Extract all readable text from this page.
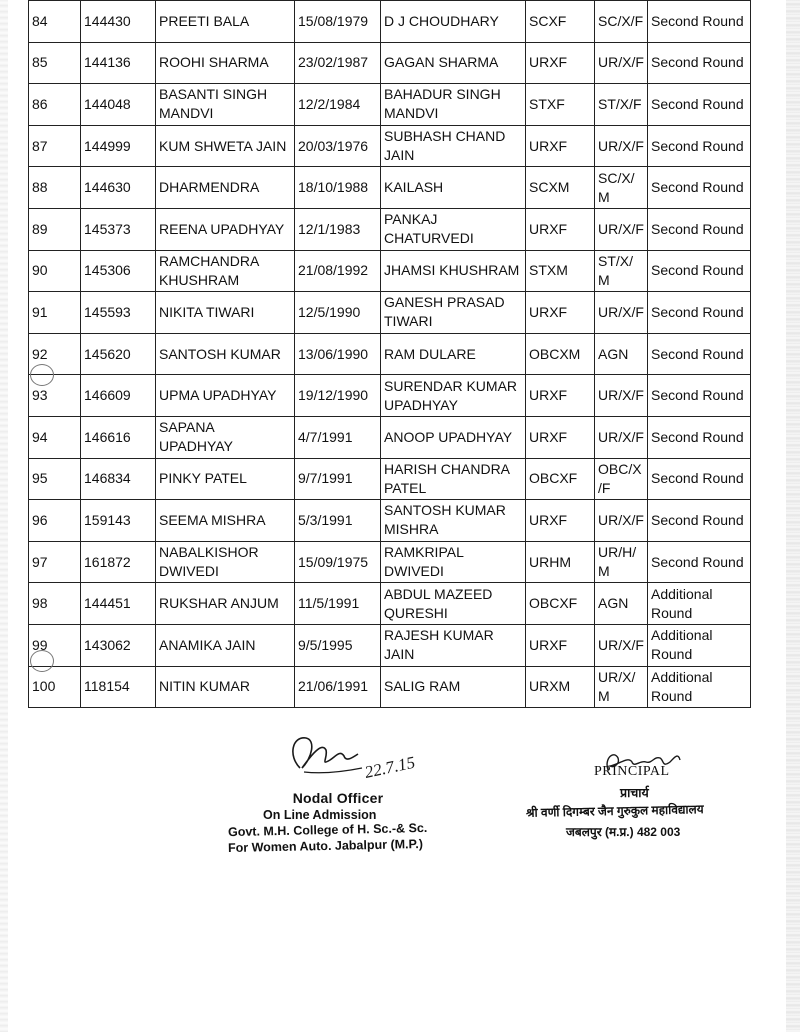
84	144430	PREETI BALA	15/08/1979	D J CHOUDHARY	SCXF	SC/X/F	Second Round
85	144136	ROOHI SHARMA	23/02/1987	GAGAN SHARMA	URXF	UR/X/F	Second Round
86	144048	BASANTI SINGH MANDVI	12/2/1984	BAHADUR SINGH MANDVI	STXF	ST/X/F	Second Round
87	144999	KUM SHWETA JAIN	20/03/1976	SUBHASH CHAND JAIN	URXF	UR/X/F	Second Round
88	144630	DHARMENDRA	18/10/1988	KAILASH	SCXM	SC/X/ M	Second Round
89	145373	REENA UPADHYAY	12/1/1983	PANKAJ CHATURVEDI	URXF	UR/X/F	Second Round
90	145306	RAMCHANDRA KHUSHRAM	21/08/1992	JHAMSI KHUSHRAM	STXM	ST/X/ M	Second Round
91	145593	NIKITA TIWARI	12/5/1990	GANESH PRASAD TIWARI	URXF	UR/X/F	Second Round
92	145620	SANTOSH KUMAR	13/06/1990	RAM DULARE	OBCXM	AGN	Second Round
93	146609	UPMA UPADHYAY	19/12/1990	SURENDAR KUMAR UPADHYAY	URXF	UR/X/F	Second Round
94	146616	SAPANA UPADHYAY	4/7/1991	ANOOP UPADHYAY	URXF	UR/X/F	Second Round
95	146834	PINKY PATEL	9/7/1991	HARISH CHANDRA PATEL	OBCXF	OBC/X /F	Second Round
96	159143	SEEMA MISHRA	5/3/1991	SANTOSH KUMAR MISHRA	URXF	UR/X/F	Second Round
97	161872	NABALKISHOR DWIVEDI	15/09/1975	RAMKRIPAL DWIVEDI	URHM	UR/H/ M	Second Round
98	144451	RUKSHAR ANJUM	11/5/1991	ABDUL MAZEED QURESHI	OBCXF	AGN	Additional Round
99	143062	ANAMIKA JAIN	9/5/1995	RAJESH KUMAR JAIN	URXF	UR/X/F	Additional Round
100	118154	NITIN KUMAR	21/06/1991	SALIG RAM	URXM	UR/X/ M	Additional Round
22.7.15
Nodal Officer
On Line Admission
Govt. M.H. College of H. Sc.-& Sc.
For Women Auto. Jabalpur (M.P.)
PRINCIPAL
प्राचार्य
श्री वर्णी दिगम्बर जैन गुरुकुल महाविद्यालय
जबलपुर (म.प्र.) 482 003
